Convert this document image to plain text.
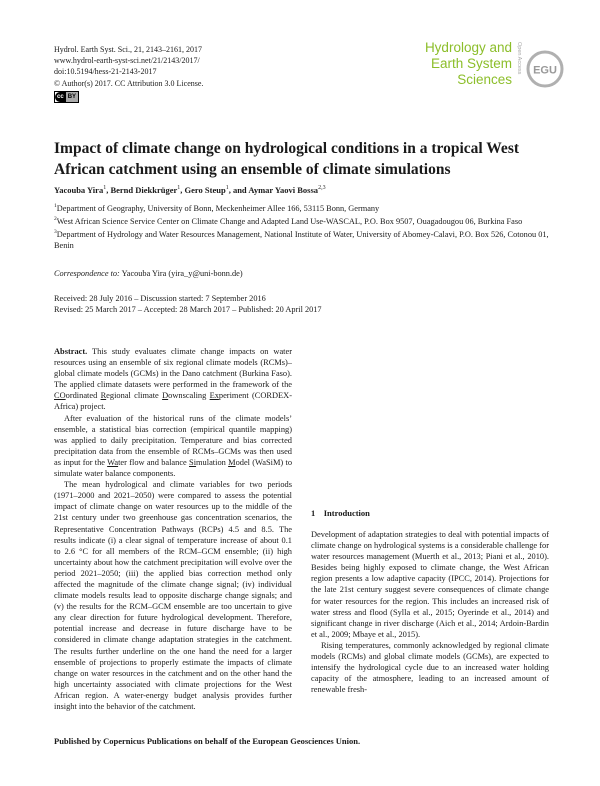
Hydrol. Earth Syst. Sci., 21, 2143–2161, 2017
www.hydrol-earth-syst-sci.net/21/2143/2017/
doi:10.5194/hess-21-2143-2017
© Author(s) 2017. CC Attribution 3.0 License.
cc BY
Hydrology and
Earth System
Sciences
Open Access EGU
Impact of climate change on hydrological conditions in a tropical West African catchment using an ensemble of climate simulations
Yacouba Yira$^1$, Bernd Diekkrüger$^1$, Gero Steup$^1$, and Aymar Yaovi Bossa$^{2,3}$
$^1$Department of Geography, University of Bonn, Meckenheimer Allee 166, 53115 Bonn, Germany
$^2$West African Science Service Center on Climate Change and Adapted Land Use-WASCAL, P.O. Box 9507, Ouagadougou 06, Burkina Faso
$^3$Department of Hydrology and Water Resources Management, National Institute of Water, University of Abomey-Calavi, P.O. Box 526, Cotonou 01, Benin
Correspondence to: Yacouba Yira (yira_y@uni-bonn.de)
Received: 28 July 2016 – Discussion started: 7 September 2016
Revised: 25 March 2017 – Accepted: 28 March 2017 – Published: 20 April 2017

Abstract. This study evaluates climate change impacts on water resources using an ensemble of six regional climate models (RCMs)–global climate models (GCMs) in the Dano catchment (Burkina Faso). The applied climate datasets were performed in the framework of the COordinated Regional climate Downscaling Experiment (CORDEX-Africa) project.

After evaluation of the historical runs of the climate models’ ensemble, a statistical bias correction (empirical quantile mapping) was applied to daily precipitation. Temperature and bias corrected precipitation data from the ensemble of RCMs–GCMs was then used as input for the Water flow and balance Simulation Model (WaSiM) to simulate water balance components.

The mean hydrological and climate variables for two periods (1971–2000 and 2021–2050) were compared to assess the potential impact of climate change on water resources up to the middle of the 21st century under two greenhouse gas concentration scenarios, the Representative Concentration Pathways (RCPs) 4.5 and 8.5. The results indicate (i) a clear signal of temperature increase of about 0.1 to 2.6 °C for all members of the RCM–GCM ensemble; (ii) high uncertainty about how the catchment precipitation will evolve over the period 2021–2050; (iii) the applied bias correction method only affected the magnitude of the climate change signal; (iv) individual climate models results lead to opposite discharge change signals; and (v) the results for the RCM–GCM ensemble are too uncertain to give any clear direction for future hydrological development. Therefore, potential increase and decrease in future discharge have to be considered in climate change adaptation strategies in the catchment. The results further underline on the one hand the need for a larger ensemble of projections to properly estimate the impacts of climate change on water resources in the catchment and on the other hand the high uncertainty associated with climate projections for the West African region. A water-energy budget analysis provides further insight into the behavior of the catchment.

1    Introduction

Development of adaptation strategies to deal with potential impacts of climate change on hydrological systems is a considerable challenge for water resources management (Muerth et al., 2013; Piani et al., 2010). Besides being highly exposed to climate change, the West African region presents a low adaptive capacity (IPCC, 2014). Projections for the late 21st century suggest severe consequences of climate change for water resources for the region. This includes an increased risk of water stress and flood (Sylla et al., 2015; Oyerinde et al., 2014) and significant change in river discharge (Aich et al., 2014; Ardoin-Bardin et al., 2009; Mbaye et al., 2015).

Rising temperatures, commonly acknowledged by regional climate models (RCMs) and global climate models (GCMs), are expected to intensify the hydrological cycle due to an increased water holding capacity of the atmosphere, leading to an increased amount of renewable fresh-

Published by Copernicus Publications on behalf of the European Geosciences Union.
